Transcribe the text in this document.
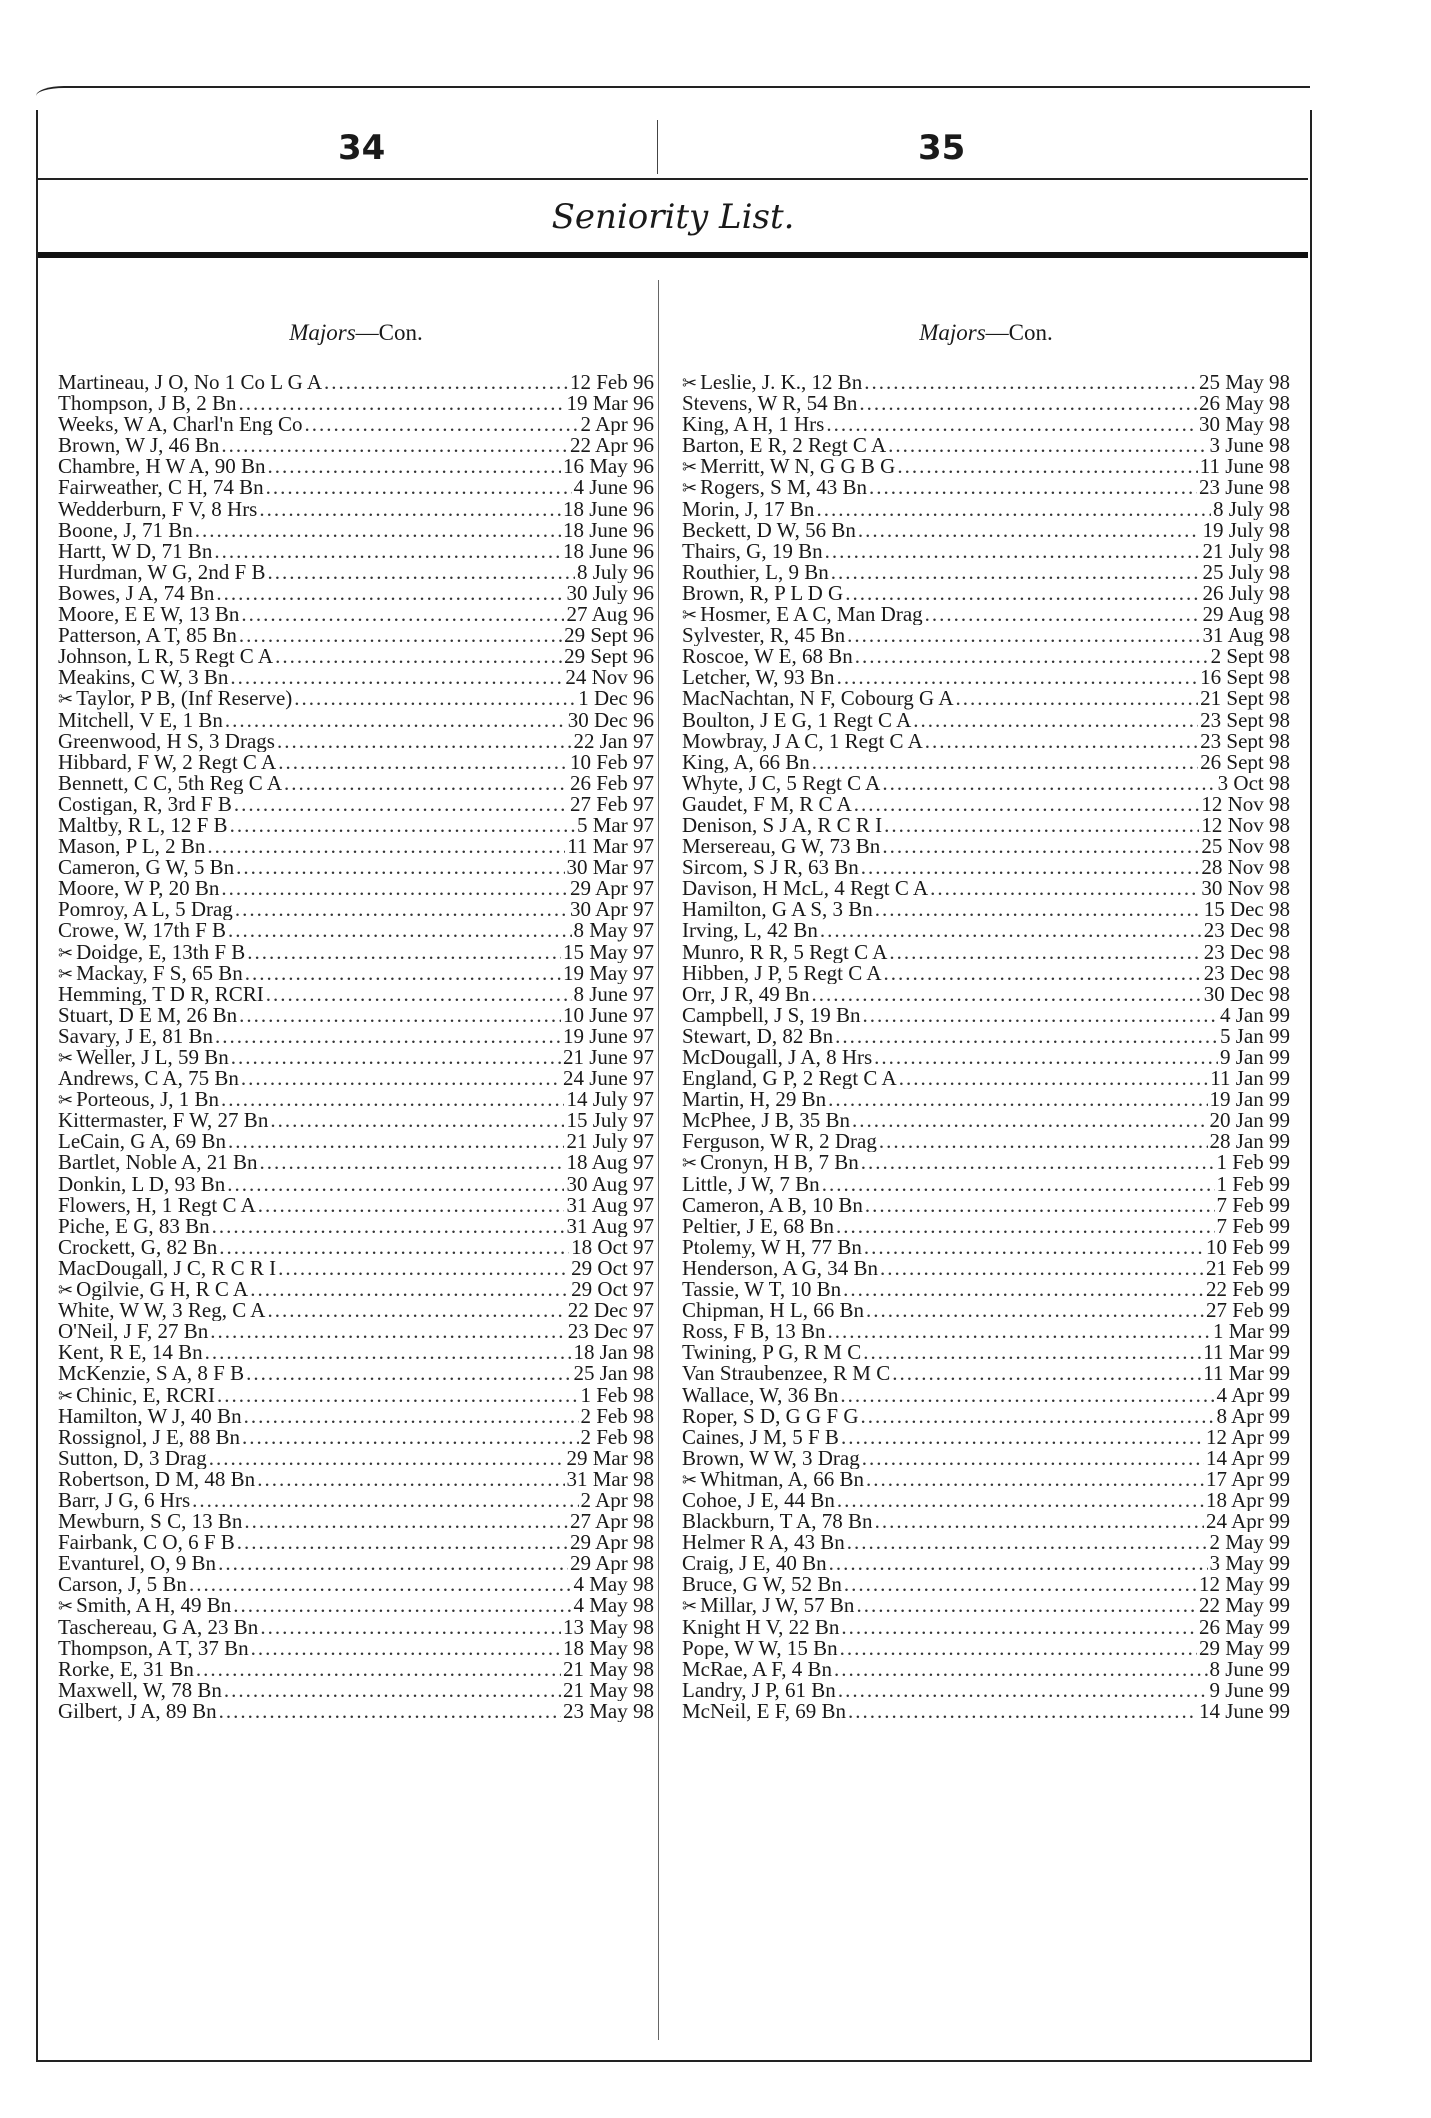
34	35
Seniority List.
Majors—Con.
Martineau, J O, No 1 Co L G A .....	12 Feb 96
Thompson, J B, 2 Bn .....	19 Mar 96
Weeks, W A, Charl'n Eng Co .....	2 Apr 96
Brown, W J, 46 Bn .....	22 Apr 96
Chambre, H W A, 90 Bn .....	16 May 96
Fairweather, C H, 74 Bn .....	4 June 96
Wedderburn, F V, 8 Hrs .....	18 June 96
Boone, J, 71 Bn .....	18 June 96
Hartt, W D, 71 Bn .....	18 June 96
Hurdman, W G, 2nd F B .....	8 July 96
Bowes, J A, 74 Bn .....	30 July 96
Moore, E E W, 13 Bn .....	27 Aug 96
Patterson, A T, 85 Bn .....	29 Sept 96
Johnson, L R, 5 Regt C A .....	29 Sept 96
Meakins, C W, 3 Bn .....	24 Nov 96
✂ Taylor, P B, (Inf Reserve) .....	1 Dec 96
Mitchell, V E, 1 Bn .....	30 Dec 96
Greenwood, H S, 3 Drags .....	22 Jan 97
Hibbard, F W, 2 Regt C A .....	10 Feb 97
Bennett, C C, 5th Reg C A .....	26 Feb 97
Costigan, R, 3rd F B .....	27 Feb 97
Maltby, R L, 12 F B .....	5 Mar 97
Mason, P L, 2 Bn .....	11 Mar 97
Cameron, G W, 5 Bn .....	30 Mar 97
Moore, W P, 20 Bn .....	29 Apr 97
Pomroy, A L, 5 Drag .....	30 Apr 97
Crowe, W, 17th F B .....	8 May 97
✂ Doidge, E, 13th F B .....	15 May 97
✂ Mackay, F S, 65 Bn .....	19 May 97
Hemming, T D R, RCRI .....	8 June 97
Stuart, D E M, 26 Bn .....	10 June 97
Savary, J E, 81 Bn .....	19 June 97
✂ Weller, J L, 59 Bn .....	21 June 97
Andrews, C A, 75 Bn .....	24 June 97
✂ Porteous, J, 1 Bn .....	14 July 97
Kittermaster, F W, 27 Bn .....	15 July 97
LeCain, G A, 69 Bn .....	21 July 97
Bartlet, Noble A, 21 Bn .....	18 Aug 97
Donkin, L D, 93 Bn .....	30 Aug 97
Flowers, H, 1 Regt C A .....	31 Aug 97
Piche, E G, 83 Bn .....	31 Aug 97
Crockett, G, 82 Bn .....	18 Oct 97
MacDougall, J C, R C R I .....	29 Oct 97
✂ Ogilvie, G H, R C A .....	29 Oct 97
White, W W, 3 Reg, C A .....	22 Dec 97
O'Neil, J F, 27 Bn .....	23 Dec 97
Kent, R E, 14 Bn .....	18 Jan 98
McKenzie, S A, 8 F B .....	25 Jan 98
✂ Chinic, E, RCRI .....	1 Feb 98
Hamilton, W J, 40 Bn .....	2 Feb 98
Rossignol, J E, 88 Bn .....	2 Feb 98
Sutton, D, 3 Drag .....	29 Mar 98
Robertson, D M, 48 Bn .....	31 Mar 98
Barr, J G, 6 Hrs .....	2 Apr 98
Mewburn, S C, 13 Bn .....	27 Apr 98
Fairbank, C O, 6 F B .....	29 Apr 98
Evanturel, O, 9 Bn .....	29 Apr 98
Carson, J, 5 Bn .....	4 May 98
✂ Smith, A H, 49 Bn .....	4 May 98
Taschereau, G A, 23 Bn .....	13 May 98
Thompson, A T, 37 Bn .....	18 May 98
Rorke, E, 31 Bn .....	21 May 98
Maxwell, W, 78 Bn .....	21 May 98
Gilbert, J A, 89 Bn .....	23 May 98
Majors—Con.
✂ Leslie, J. K., 12 Bn .....	25 May 98
Stevens, W R, 54 Bn .....	26 May 98
King, A H, 1 Hrs .....	30 May 98
Barton, E R, 2 Regt C A .....	3 June 98
✂ Merritt, W N, G G B G .....	11 June 98
✂ Rogers, S M, 43 Bn .....	23 June 98
Morin, J, 17 Bn .....	8 July 98
Beckett, D W, 56 Bn .....	19 July 98
Thairs, G, 19 Bn .....	21 July 98
Routhier, L, 9 Bn .....	25 July 98
Brown, R, P L D G .....	26 July 98
✂ Hosmer, E A C, Man Drag .....	29 Aug 98
Sylvester, R, 45 Bn .....	31 Aug 98
Roscoe, W E, 68 Bn .....	2 Sept 98
Letcher, W, 93 Bn .....	16 Sept 98
MacNachtan, N F, Cobourg G A .....	21 Sept 98
Boulton, J E G, 1 Regt C A .....	23 Sept 98
Mowbray, J A C, 1 Regt C A .....	23 Sept 98
King, A, 66 Bn .....	26 Sept 98
Whyte, J C, 5 Regt C A .....	3 Oct 98
Gaudet, F M, R C A .....	12 Nov 98
Denison, S J A, R C R I .....	12 Nov 98
Mersereau, G W, 73 Bn .....	25 Nov 98
Sircom, S J R, 63 Bn .....	28 Nov 98
Davison, H McL, 4 Regt C A .....	30 Nov 98
Hamilton, G A S, 3 Bn .....	15 Dec 98
Irving, L, 42 Bn .....	23 Dec 98
Munro, R R, 5 Regt C A .....	23 Dec 98
Hibben, J P, 5 Regt C A .....	23 Dec 98
Orr, J R, 49 Bn .....	30 Dec 98
Campbell, J S, 19 Bn .....	4 Jan 99
Stewart, D, 82 Bn .....	5 Jan 99
McDougall, J A, 8 Hrs .....	9 Jan 99
England, G P, 2 Regt C A .....	11 Jan 99
Martin, H, 29 Bn .....	19 Jan 99
McPhee, J B, 35 Bn .....	20 Jan 99
Ferguson, W R, 2 Drag .....	28 Jan 99
✂ Cronyn, H B, 7 Bn .....	1 Feb 99
Little, J W, 7 Bn .....	1 Feb 99
Cameron, A B, 10 Bn .....	7 Feb 99
Peltier, J E, 68 Bn .....	7 Feb 99
Ptolemy, W H, 77 Bn .....	10 Feb 99
Henderson, A G, 34 Bn .....	21 Feb 99
Tassie, W T, 10 Bn .....	22 Feb 99
Chipman, H L, 66 Bn .....	27 Feb 99
Ross, F B, 13 Bn .....	1 Mar 99
Twining, P G, R M C .....	11 Mar 99
Van Straubenzee, R M C .....	11 Mar 99
Wallace, W, 36 Bn .....	4 Apr 99
Roper, S D, G G F G .....	8 Apr 99
Caines, J M, 5 F B .....	12 Apr 99
Brown, W W, 3 Drag .....	14 Apr 99
✂ Whitman, A, 66 Bn .....	17 Apr 99
Cohoe, J E, 44 Bn .....	18 Apr 99
Blackburn, T A, 78 Bn .....	24 Apr 99
Helmer R A, 43 Bn .....	2 May 99
Craig, J E, 40 Bn .....	3 May 99
Bruce, G W, 52 Bn .....	12 May 99
✂ Millar, J W, 57 Bn .....	22 May 99
Knight H V, 22 Bn .....	26 May 99
Pope, W W, 15 Bn .....	29 May 99
McRae, A F, 4 Bn .....	8 June 99
Landry, J P, 61 Bn .....	9 June 99
McNeil, E F, 69 Bn .....	14 June 99
